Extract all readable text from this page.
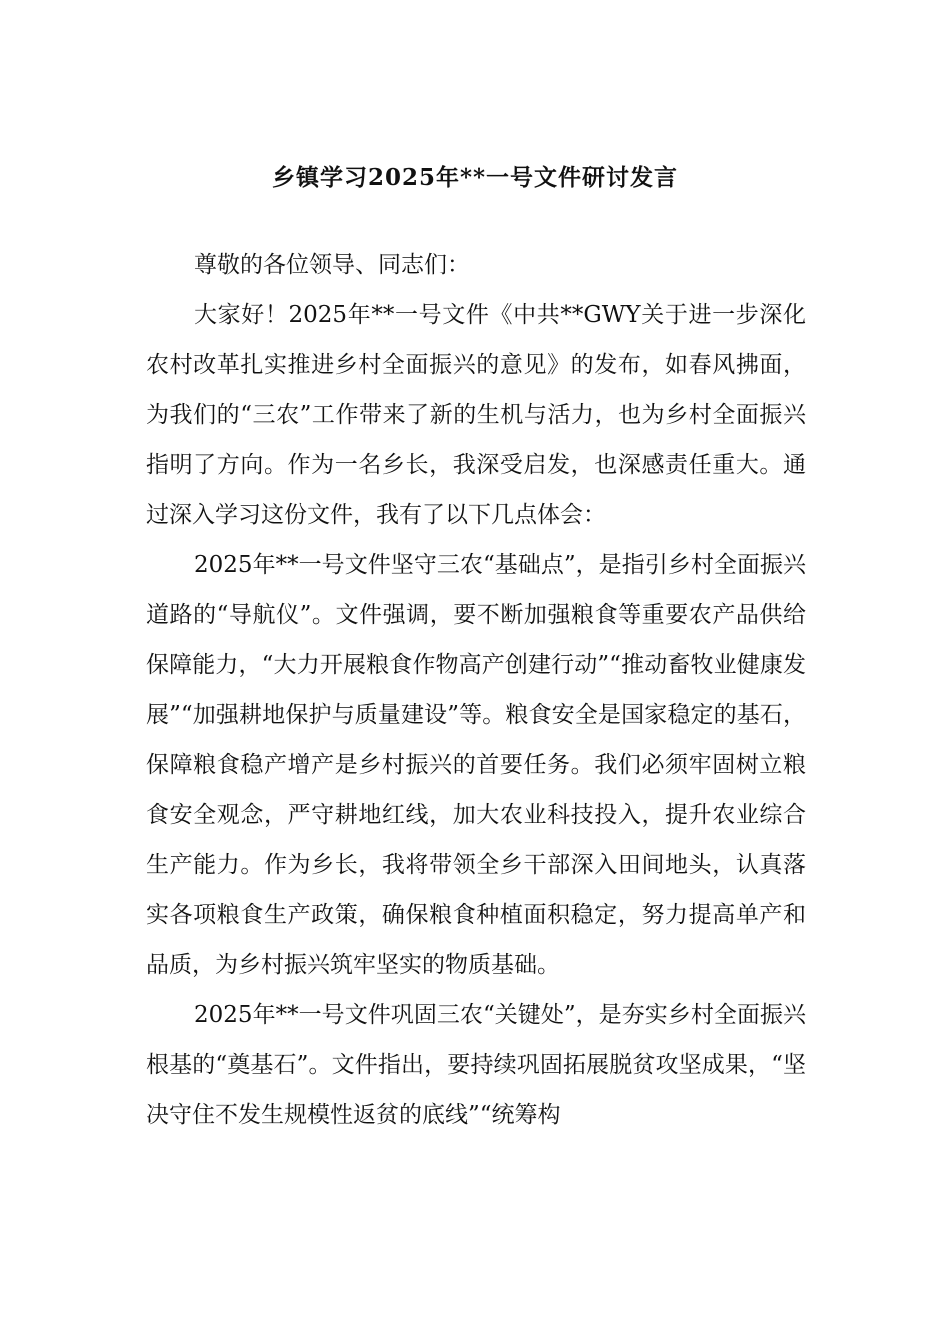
乡镇学习2025年**一号文件研讨发言

尊敬的各位领导、同志们：

大家好！2025年**一号文件《中共**GWY关于进一步深化农村改革扎实推进乡村全面振兴的意见》的发布，如春风拂面，为我们的“三农”工作带来了新的生机与活力，也为乡村全面振兴指明了方向。作为一名乡长，我深受启发，也深感责任重大。通过深入学习这份文件，我有了以下几点体会：

2025年**一号文件坚守三农“基础点”，是指引乡村全面振兴道路的“导航仪”。文件强调，要不断加强粮食等重要农产品供给保障能力，“大力开展粮食作物高产创建行动”“推动畜牧业健康发展”“加强耕地保护与质量建设”等。粮食安全是国家稳定的基石，保障粮食稳产增产是乡村振兴的首要任务。我们必须牢固树立粮食安全观念，严守耕地红线，加大农业科技投入，提升农业综合生产能力。作为乡长，我将带领全乡干部深入田间地头，认真落实各项粮食生产政策，确保粮食种植面积稳定，努力提高单产和品质，为乡村振兴筑牢坚实的物质基础。

2025年**一号文件巩固三农“关键处”，是夯实乡村全面振兴根基的“奠基石”。文件指出，要持续巩固拓展脱贫攻坚成果，“坚决守住不发生规模性返贫的底线”“统筹构
